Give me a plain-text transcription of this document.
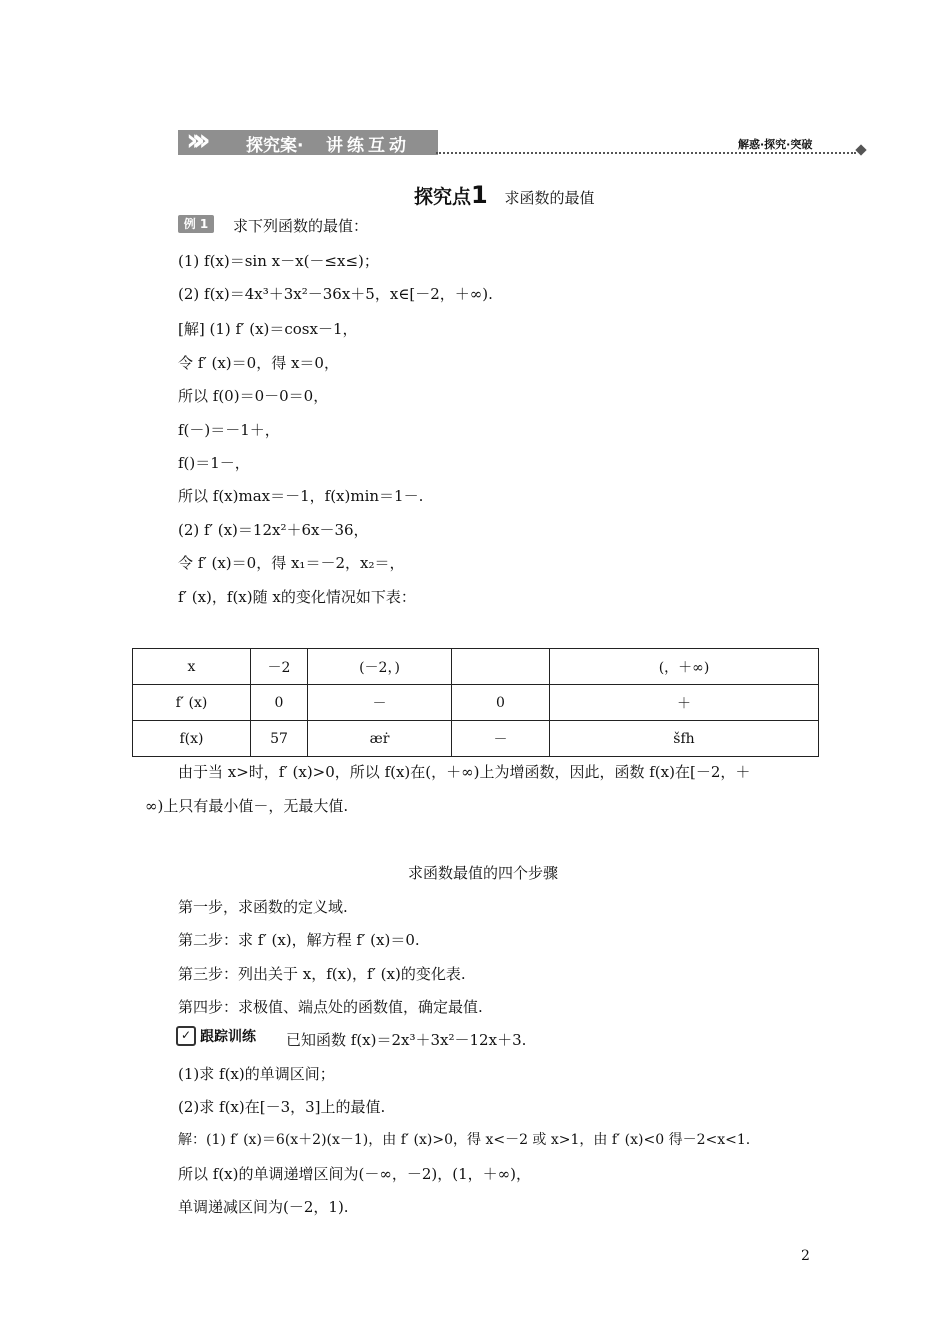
»»	探究案· 讲练互动	解惑·探究·突破
探究点1 求函数的最值
例 1	求下列函数的最值：
(1) f(x)＝sin x－x(－≤x≤)；
(2) f(x)＝4x³＋3x²－36x＋5，x∈[－2，＋∞).
[解] (1) f′ (x)＝cosx－1，
令 f′ (x)＝0，得 x＝0，
所以 f(0)＝0－0＝0，
f(－)＝－1＋，
f()＝1－，
所以 f(x)max＝－1，f(x)min＝1－.
(2) f′ (x)＝12x²＋6x－36，
令 f′ (x)＝0，得 x₁＝－2，x₂＝，
f′ (x)，f(x)随 x的变化情况如下表：
x	－2	(－2，)		(，＋∞)
f′ (x)	0	－	0	＋
f(x)	57	æṙ	－	šfh
由于当 x>时，f′ (x)>0，所以 f(x)在(，＋∞)上为增函数，因此，函数 f(x)在[－2，＋
∞)上只有最小值－，无最大值.
求函数最值的四个步骤
第一步，求函数的定义域.
第二步：求 f′ (x)，解方程 f′ (x)＝0.
第三步：列出关于 x，f(x)，f′ (x)的变化表.
第四步：求极值、端点处的函数值，确定最值.
✓ 跟踪训练 已知函数 f(x)＝2x³＋3x²－12x＋3.
(1)求 f(x)的单调区间；
(2)求 f(x)在[－3，3]上的最值.
解：(1) f′ (x)＝6(x＋2)(x－1)，由 f′ (x)>0，得 x<－2 或 x>1，由 f′ (x)<0 得－2<x<1.
所以 f(x)的单调递增区间为(－∞，－2)，(1，＋∞)，
单调递减区间为(－2，1).
2
